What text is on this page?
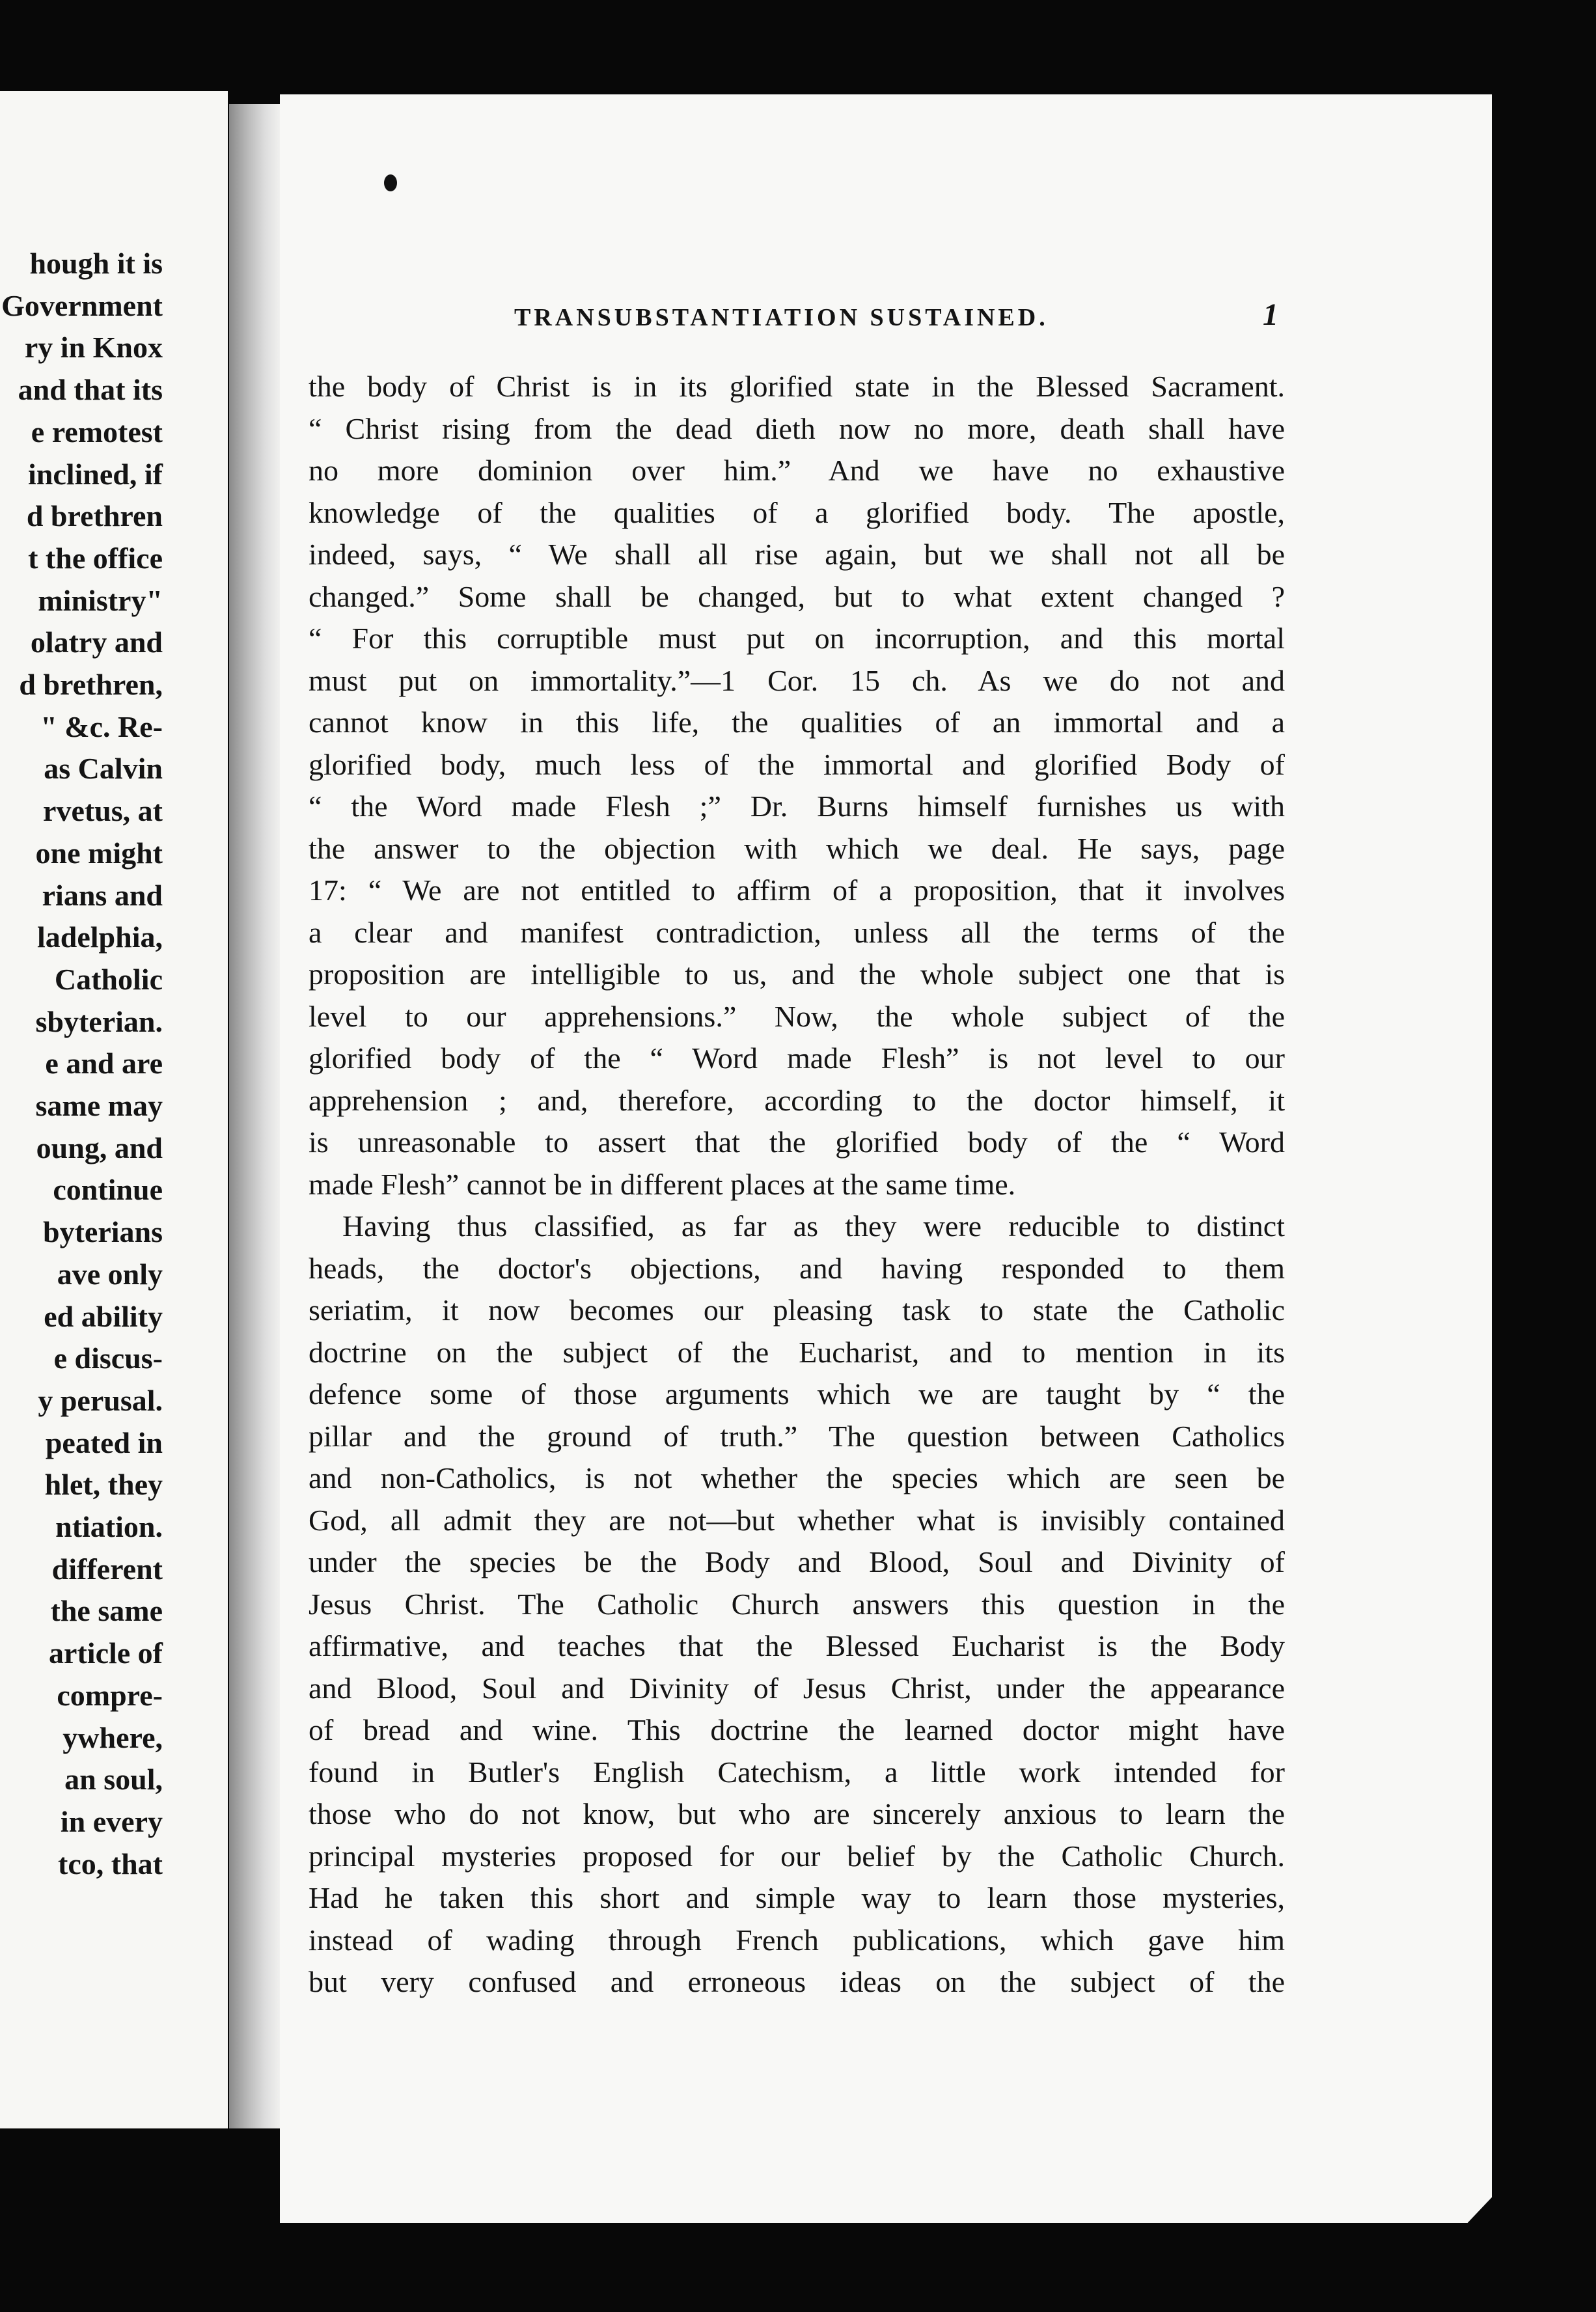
hough it is
Government
ry in Knox
and that its
e remotest
inclined, if
d brethren
t the office
ministry"
olatry and
d brethren,
" &c. Re-
as Calvin
rvetus, at
one might
rians and
ladelphia,
Catholic
sbyterian.
e and are
same may
oung, and
continue
byterians
ave only
ed ability
e discus-
y perusal.
peated in
hlet, they
ntiation.
different
the same
article of
compre-
ywhere,
an soul,
in every
tco, that
TRANSUBSTANTIATION SUSTAINED.	1
the body of Christ is in its glorified state in the Blessed Sacrament.
“ Christ rising from the dead dieth now no more, death shall have
no more dominion over him.” And we have no exhaustive
knowledge of the qualities of a glorified body. The apostle,
indeed, says, “ We shall all rise again, but we shall not all be
changed.” Some shall be changed, but to what extent changed ?
“ For this corruptible must put on incorruption, and this mortal
must put on immortality.”—1 Cor. 15 ch. As we do not and
cannot know in this life, the qualities of an immortal and a
glorified body, much less of the immortal and glorified Body of
“ the Word made Flesh ;” Dr. Burns himself furnishes us with
the answer to the objection with which we deal. He says, page
17: “ We are not entitled to affirm of a proposition, that it involves
a clear and manifest contradiction, unless all the terms of the
proposition are intelligible to us, and the whole subject one that is
level to our apprehensions.” Now, the whole subject of the
glorified body of the “ Word made Flesh” is not level to our
apprehension ; and, therefore, according to the doctor himself, it
is unreasonable to assert that the glorified body of the “ Word
made Flesh” cannot be in different places at the same time.
Having thus classified, as far as they were reducible to distinct
heads, the doctor's objections, and having responded to them
seriatim, it now becomes our pleasing task to state the Catholic
doctrine on the subject of the Eucharist, and to mention in its
defence some of those arguments which we are taught by “ the
pillar and the ground of truth.” The question between Catholics
and non-Catholics, is not whether the species which are seen be
God, all admit they are not—but whether what is invisibly contained
under the species be the Body and Blood, Soul and Divinity of
Jesus Christ. The Catholic Church answers this question in the
affirmative, and teaches that the Blessed Eucharist is the Body
and Blood, Soul and Divinity of Jesus Christ, under the appearance
of bread and wine. This doctrine the learned doctor might have
found in Butler's English Catechism, a little work intended for
those who do not know, but who are sincerely anxious to learn the
principal mysteries proposed for our belief by the Catholic Church.
Had he taken this short and simple way to learn those mysteries,
instead of wading through French publications, which gave him
but very confused and erroneous ideas on the subject of the
